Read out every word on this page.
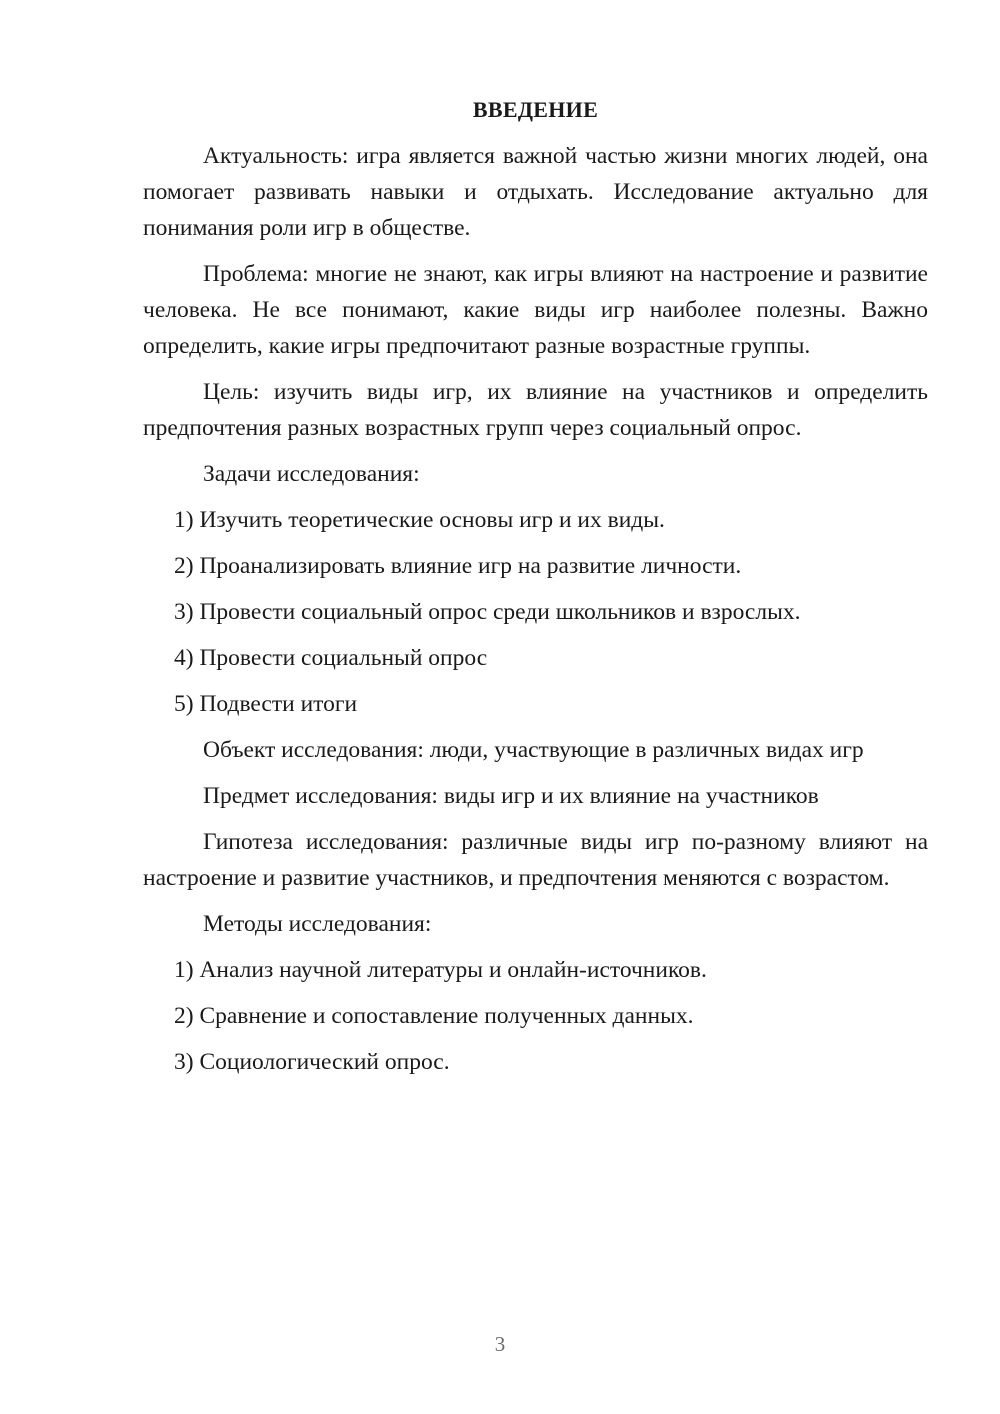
ВВЕДЕНИЕ
Актуальность: игра является важной частью жизни многих людей, она помогает развивать навыки и отдыхать. Исследование актуально для понимания роли игр в обществе.
Проблема: многие не знают, как игры влияют на настроение и развитие человека. Не все понимают, какие виды игр наиболее полезны. Важно определить, какие игры предпочитают разные возрастные группы.
Цель: изучить виды игр, их влияние на участников и определить предпочтения разных возрастных групп через социальный опрос.
Задачи исследования:
1) Изучить теоретические основы игр и их виды.
2) Проанализировать влияние игр на развитие личности.
3) Провести социальный опрос среди школьников и взрослых.
4) Провести социальный опрос
5) Подвести итоги
Объект исследования: люди, участвующие в различных видах игр
Предмет исследования: виды игр и их влияние на участников
Гипотеза исследования: различные виды игр по-разному влияют на настроение и развитие участников, и предпочтения меняются с возрастом.
Методы исследования:
1) Анализ научной литературы и онлайн-источников.
2) Сравнение и сопоставление полученных данных.
3) Социологический опрос.
3
